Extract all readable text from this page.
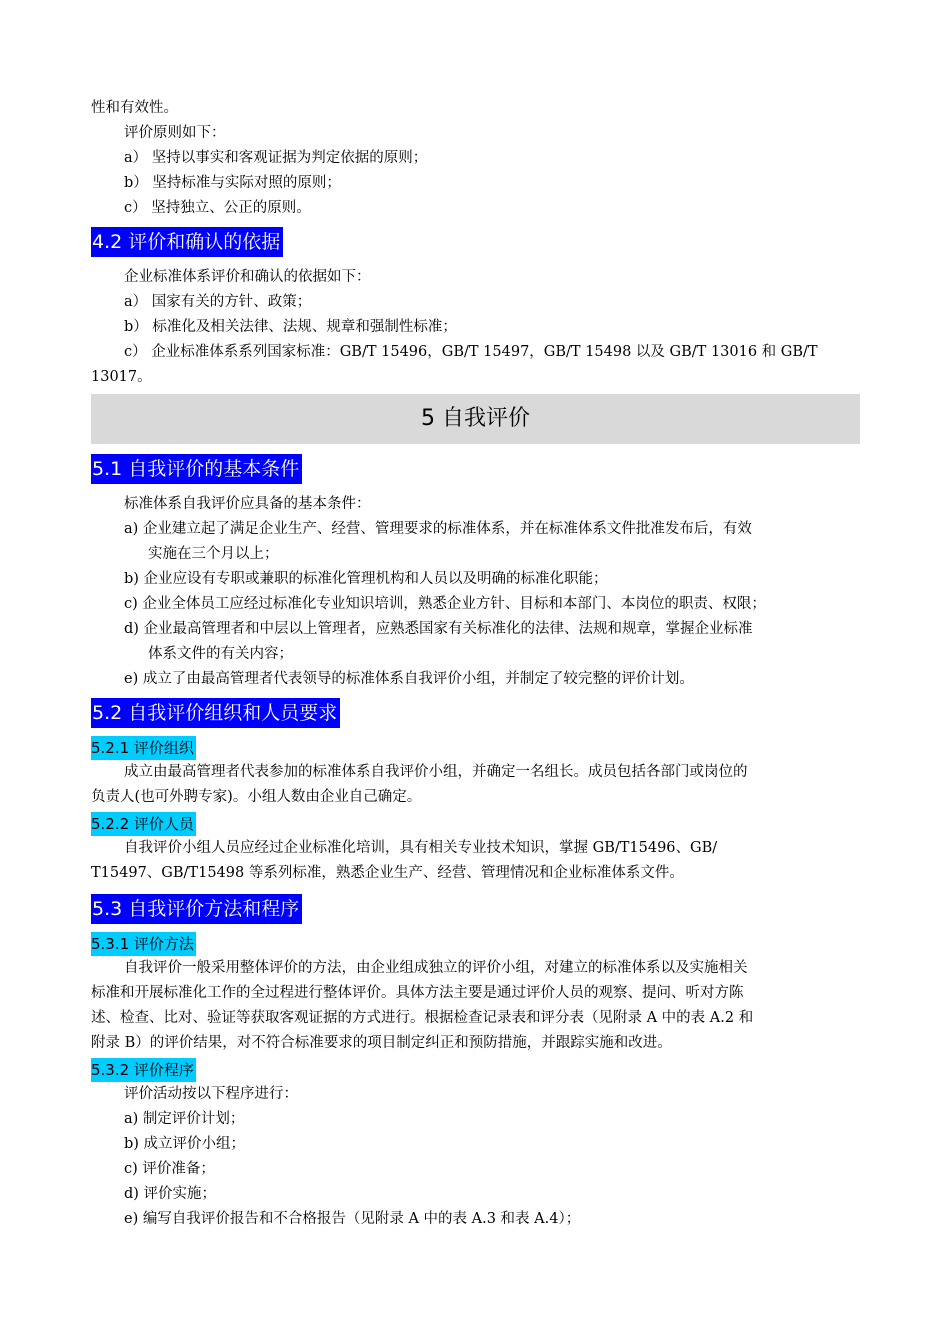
性和有效性。

评价原则如下：

a） 坚持以事实和客观证据为判定依据的原则；

b） 坚持标准与实际对照的原则；

c） 坚持独立、公正的原则。

4.2 评价和确认的依据

企业标准体系评价和确认的依据如下：

a） 国家有关的方针、政策；

b） 标准化及相关法律、法规、规章和强制性标准；

c） 企业标准体系系列国家标准：GB/T 15496，GB/T 15497，GB/T 15498 以及 GB/T 13016 和 GB/T

13017。

5 自我评价
5.1 自我评价的基本条件

标准体系自我评价应具备的基本条件：

a) 企业建立起了满足企业生产、经营、管理要求的标准体系，并在标准体系文件批准发布后，有效

实施在三个月以上；

b) 企业应设有专职或兼职的标准化管理机构和人员以及明确的标准化职能；

c) 企业全体员工应经过标准化专业知识培训，熟悉企业方针、目标和本部门、本岗位的职责、权限；

d) 企业最高管理者和中层以上管理者，应熟悉国家有关标准化的法律、法规和规章，掌握企业标准

体系文件的有关内容；

e) 成立了由最高管理者代表领导的标准体系自我评价小组，并制定了较完整的评价计划。

5.2 自我评价组织和人员要求
5.2.1 评价组织

成立由最高管理者代表参加的标准体系自我评价小组，并确定一名组长。成员包括各部门或岗位的

负责人(也可外聘专家)。小组人数由企业自己确定。

5.2.2 评价人员

自我评价小组人员应经过企业标准化培训，具有相关专业技术知识，掌握 GB/T15496、GB/

T15497、GB/T15498 等系列标准，熟悉企业生产、经营、管理情况和企业标准体系文件。

5.3 自我评价方法和程序
5.3.1 评价方法

自我评价一般采用整体评价的方法，由企业组成独立的评价小组，对建立的标准体系以及实施相关

标准和开展标准化工作的全过程进行整体评价。具体方法主要是通过评价人员的观察、提问、听对方陈

述、检查、比对、验证等获取客观证据的方式进行。根据检查记录表和评分表（见附录 A 中的表 A.2 和

附录 B）的评价结果，对不符合标准要求的项目制定纠正和预防措施，并跟踪实施和改进。

5.3.2 评价程序

评价活动按以下程序进行：

a) 制定评价计划；

b) 成立评价小组；

c) 评价准备；

d) 评价实施；

e) 编写自我评价报告和不合格报告（见附录 A 中的表 A.3 和表 A.4）；
